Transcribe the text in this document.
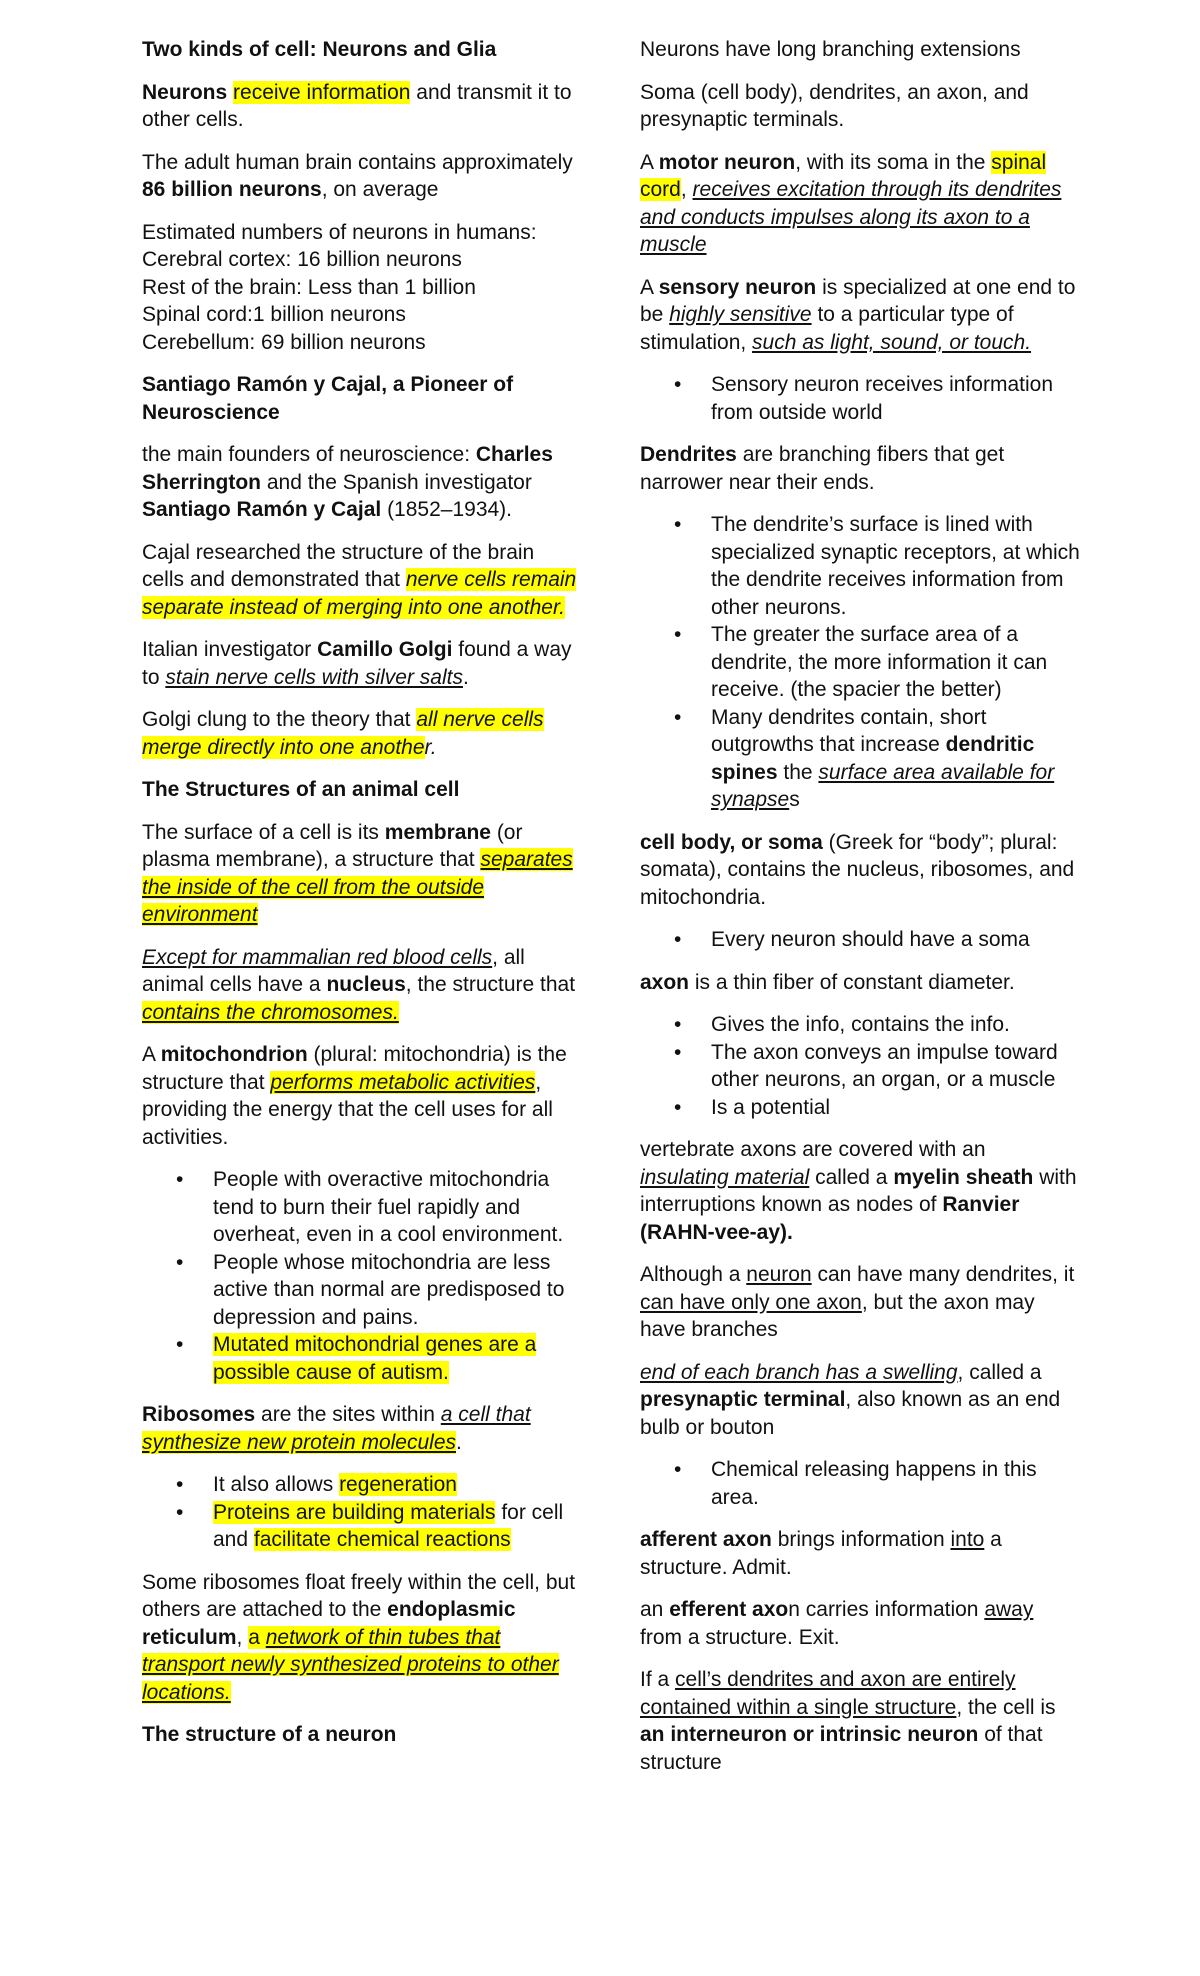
Two kinds of cell: Neurons and Glia

Neurons receive information and transmit it to other cells.

The adult human brain contains approximately 86 billion neurons, on average

Estimated numbers of neurons in humans:
Cerebral cortex: 16 billion neurons
Rest of the brain: Less than 1 billion
Spinal cord:1 billion neurons
Cerebellum: 69 billion neurons

Santiago Ramón y Cajal, a Pioneer of Neuroscience

the main founders of neuroscience: Charles Sherrington and the Spanish investigator Santiago Ramón y Cajal (1852–1934).

Cajal researched the structure of the brain cells and demonstrated that nerve cells remain separate instead of merging into one another.

Italian investigator Camillo Golgi found a way to stain nerve cells with silver salts.

Golgi clung to the theory that all nerve cells merge directly into one another.

The Structures of an animal cell

The surface of a cell is its membrane (or plasma membrane), a structure that separates the inside of the cell from the outside environment

Except for mammalian red blood cells, all animal cells have a nucleus, the structure that contains the chromosomes.

A mitochondrion (plural: mitochondria) is the structure that performs metabolic activities, providing the energy that the cell uses for all activities.

• People with overactive mitochondria tend to burn their fuel rapidly and overheat, even in a cool environment.
• People whose mitochondria are less active than normal are predisposed to depression and pains.
• Mutated mitochondrial genes are a possible cause of autism.

Ribosomes are the sites within a cell that synthesize new protein molecules.

• It also allows regeneration
• Proteins are building materials for cell and facilitate chemical reactions

Some ribosomes float freely within the cell, but others are attached to the endoplasmic reticulum, a network of thin tubes that transport newly synthesized proteins to other locations.

The structure of a neuron

Neurons have long branching extensions

Soma (cell body), dendrites, an axon, and presynaptic terminals.

A motor neuron, with its soma in the spinal cord, receives excitation through its dendrites and conducts impulses along its axon to a muscle

A sensory neuron is specialized at one end to be highly sensitive to a particular type of stimulation, such as light, sound, or touch.

• Sensory neuron receives information from outside world

Dendrites are branching fibers that get narrower near their ends.

• The dendrite’s surface is lined with specialized synaptic receptors, at which the dendrite receives information from other neurons.
• The greater the surface area of a dendrite, the more information it can receive. (the spacier the better)
• Many dendrites contain, short outgrowths that increase dendritic spines the surface area available for synapses

cell body, or soma (Greek for “body”; plural: somata), contains the nucleus, ribosomes, and mitochondria.

• Every neuron should have a soma

axon is a thin fiber of constant diameter.

• Gives the info, contains the info.
• The axon conveys an impulse toward other neurons, an organ, or a muscle
• Is a potential

vertebrate axons are covered with an insulating material called a myelin sheath with interruptions known as nodes of Ranvier (RAHN-vee-ay).

Although a neuron can have many dendrites, it can have only one axon, but the axon may have branches

end of each branch has a swelling, called a presynaptic terminal, also known as an end bulb or bouton

• Chemical releasing happens in this area.

afferent axon brings information into a structure. Admit.

an efferent axon carries information away from a structure. Exit.

If a cell’s dendrites and axon are entirely contained within a single structure, the cell is an interneuron or intrinsic neuron of that structure
